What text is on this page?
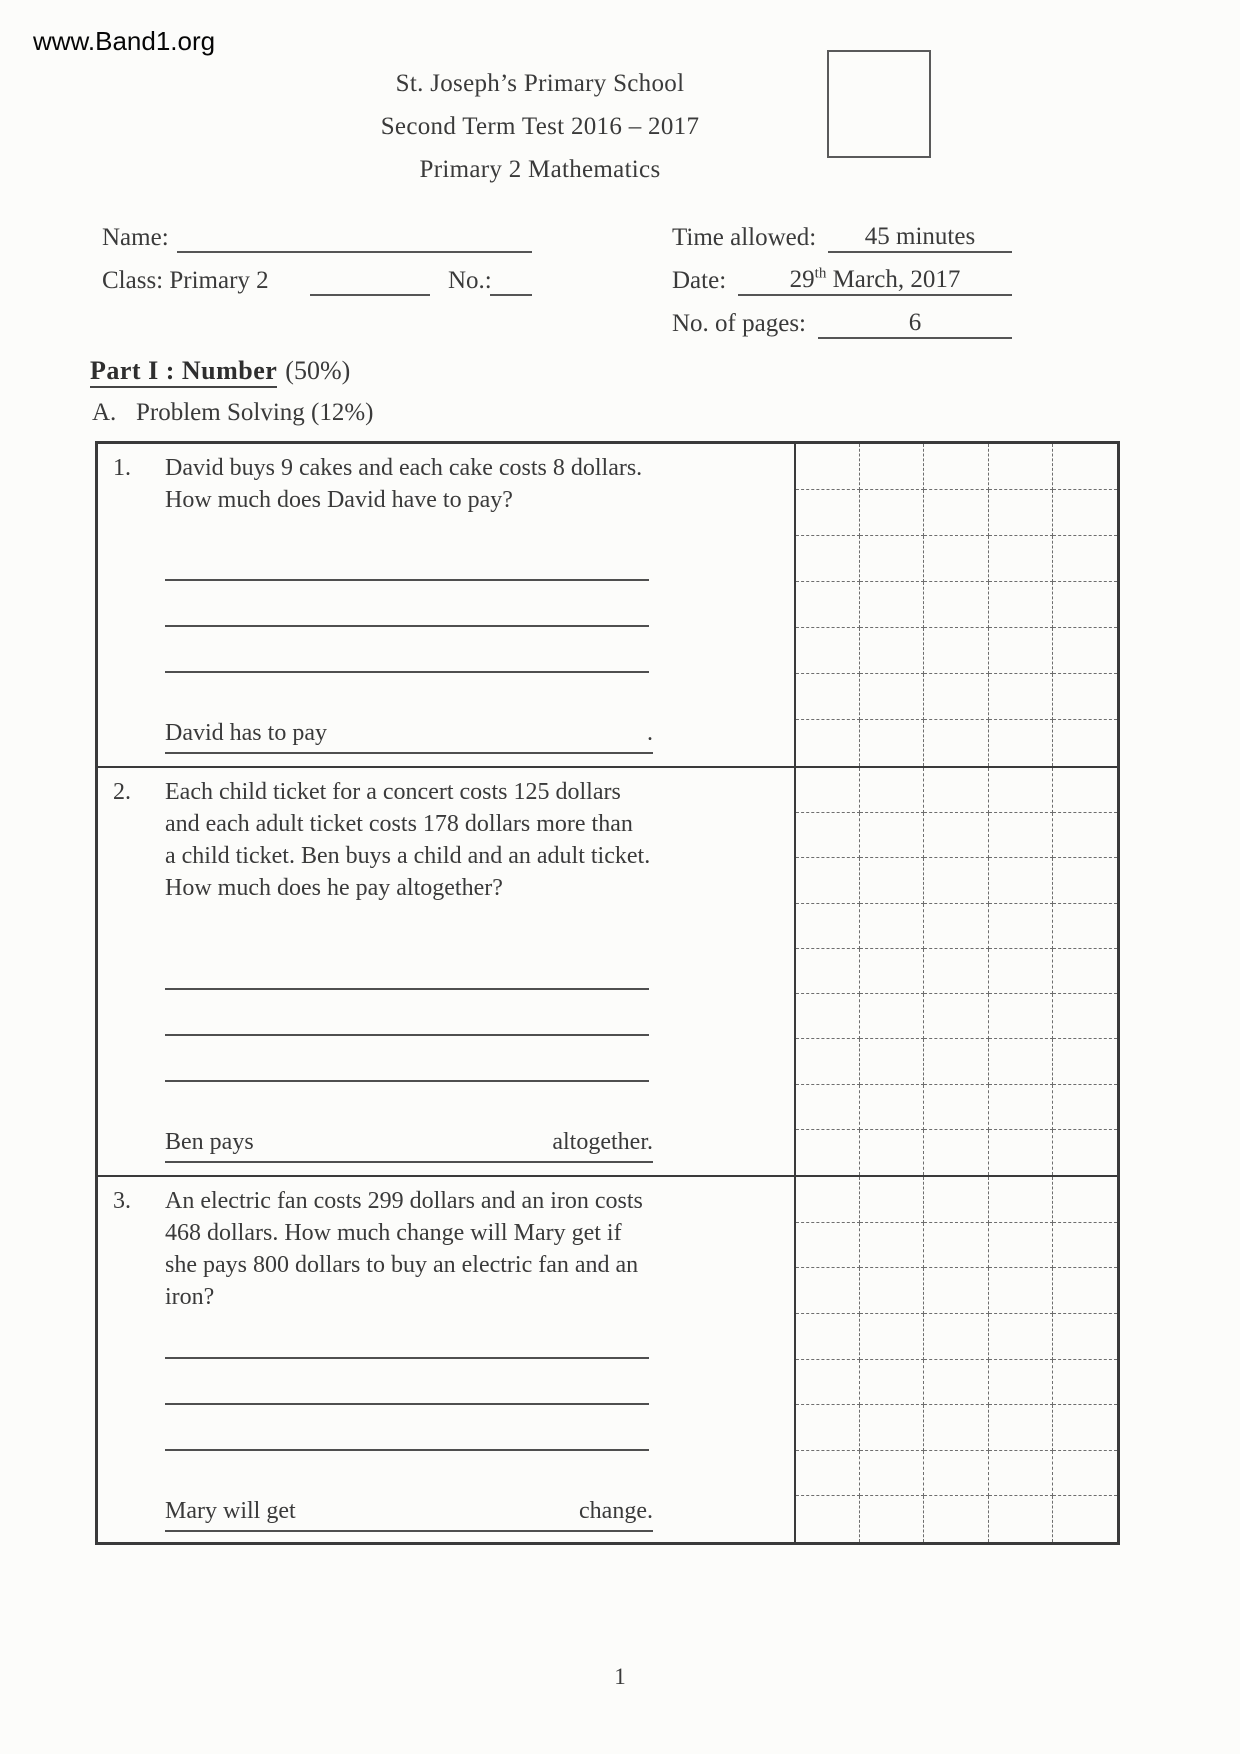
www.Band1.org
St. Joseph’s Primary School
Second Term Test 2016 – 2017
Primary 2 Mathematics
Name:	Time allowed:	45 minutes
Class: Primary 2	No.:	Date:	29th March, 2017
No. of pages:	6
Part I : Number (50%)
A. Problem Solving (12%)
1.	David buys 9 cakes and each cake costs 8 dollars.
How much does David have to pay?
David has to pay	.
2.	Each child ticket for a concert costs 125 dollars
and each adult ticket costs 178 dollars more than
a child ticket. Ben buys a child and an adult ticket.
How much does he pay altogether?
Ben pays	altogether.
3.	An electric fan costs 299 dollars and an iron costs
468 dollars. How much change will Mary get if
she pays 800 dollars to buy an electric fan and an
iron?
Mary will get	change.
1
